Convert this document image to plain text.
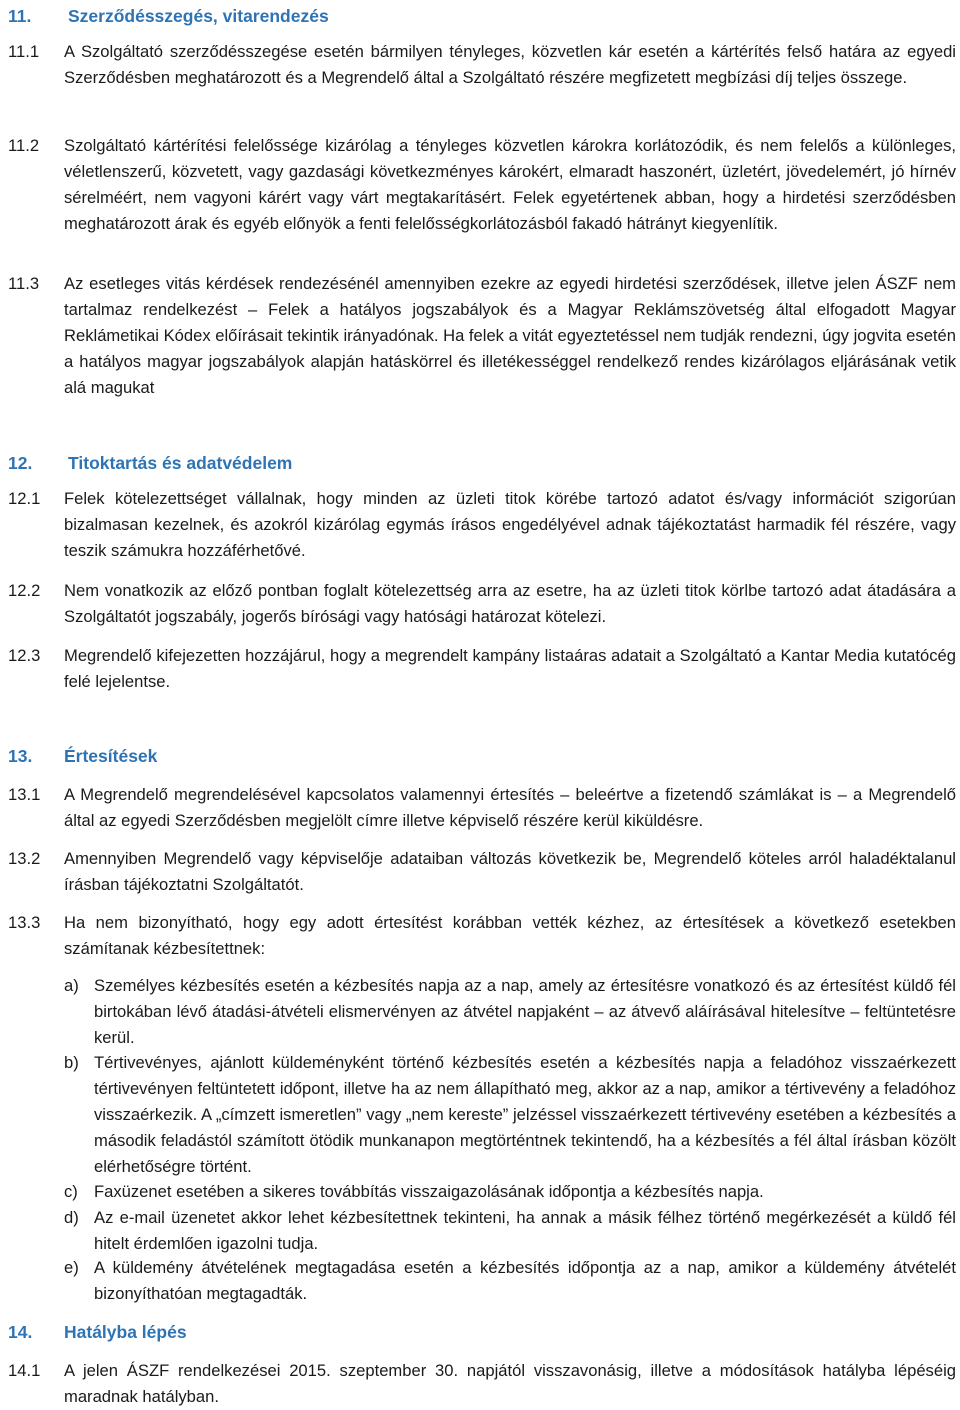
11. Szerződésszegés, vitarendezés
11.1	A Szolgáltató szerződésszegése esetén bármilyen tényleges, közvetlen kár esetén a kártérítés felső határa az egyedi Szerződésben meghatározott és a Megrendelő által a Szolgáltató részére megfizetett megbízási díj teljes összege.
11.2	Szolgáltató kártérítési felelőssége kizárólag a tényleges közvetlen károkra korlátozódik, és nem felelős a különleges, véletlenszerű, közvetett, vagy gazdasági következményes károkért, elmaradt haszonért, üzletért, jövedelemért, jó hírnév sérelméért, nem vagyoni kárért vagy várt megtakarításért. Felek egyetértenek abban, hogy a hirdetési szerződésben meghatározott árak és egyéb előnyök a fenti felelősségkorlátozásból fakadó hátrányt kiegyenlítik.
11.3	Az esetleges vitás kérdések rendezésénél amennyiben ezekre az egyedi hirdetési szerződések, illetve jelen ÁSZF nem tartalmaz rendelkezést – Felek a hatályos jogszabályok és a Magyar Reklámszövetség által elfogadott Magyar Reklámetikai Kódex előírásait tekintik irányadónak. Ha felek a vitát egyeztetéssel nem tudják rendezni, úgy jogvita esetén a hatályos magyar jogszabályok alapján hatáskörrel és illetékességgel rendelkező rendes kizárólagos eljárásának vetik alá magukat
12. Titoktartás és adatvédelem
12.1	Felek kötelezettséget vállalnak, hogy minden az üzleti titok körébe tartozó adatot és/vagy információt szigorúan bizalmasan kezelnek, és azokról kizárólag egymás írásos engedélyével adnak tájékoztatást harmadik fél részére, vagy teszik számukra hozzáférhetővé.
12.2	Nem vonatkozik az előző pontban foglalt kötelezettség arra az esetre, ha az üzleti titok körlbe tartozó adat átadására a Szolgáltatót jogszabály, jogerős bírósági vagy hatósági határozat kötelezi.
12.3	Megrendelő kifejezetten hozzájárul, hogy a megrendelt kampány listaáras adatait a Szolgáltató a Kantar Media kutatócég felé lejelentse.
13. Értesítések
13.1	A Megrendelő megrendelésével kapcsolatos valamennyi értesítés – beleértve a fizetendő számlákat is – a Megrendelő által az egyedi Szerződésben megjelölt címre illetve képviselő részére kerül kiküldésre.
13.2	Amennyiben Megrendelő vagy képviselője adataiban változás következik be, Megrendelő köteles arról haladéktalanul írásban tájékoztatni Szolgáltatót.
13.3	Ha nem bizonyítható, hogy egy adott értesítést korábban vették kézhez, az értesítések a következő esetekben számítanak kézbesítettnek:
a) Személyes kézbesítés esetén a kézbesítés napja az a nap, amely az értesítésre vonatkozó és az értesítést küldő fél birtokában lévő átadási-átvételi elismervényen az átvétel napjaként – az átvevő aláírásával hitelesítve – feltüntetésre kerül.
b) Tértivevényes, ajánlott küldeményként történő kézbesítés esetén a kézbesítés napja a feladóhoz visszaérkezett tértivevényen feltüntetett időpont, illetve ha az nem állapítható meg, akkor az a nap, amikor a tértivevény a feladóhoz visszaérkezik. A „címzett ismeretlen” vagy „nem kereste” jelzéssel visszaérkezett tértivevény esetében a kézbesítés a második feladástól számított ötödik munkanapon megtörténtnek tekintendő, ha a kézbesítés a fél által írásban közölt elérhetőségre történt.
c) Faxüzenet esetében a sikeres továbbítás visszaigazolásának időpontja a kézbesítés napja.
d) Az e-mail üzenetet akkor lehet kézbesítettnek tekinteni, ha annak a másik félhez történő megérkezését a küldő fél hitelt érdemlően igazolni tudja.
e) A küldemény átvételének megtagadása esetén a kézbesítés időpontja az a nap, amikor a küldemény átvételét bizonyíthatóan megtagadták.
14. Hatályba lépés
14.1	A jelen ÁSZF rendelkezései 2015. szeptember 30. napjától visszavonásig, illetve a módosítások hatályba lépéséig maradnak hatályban.
